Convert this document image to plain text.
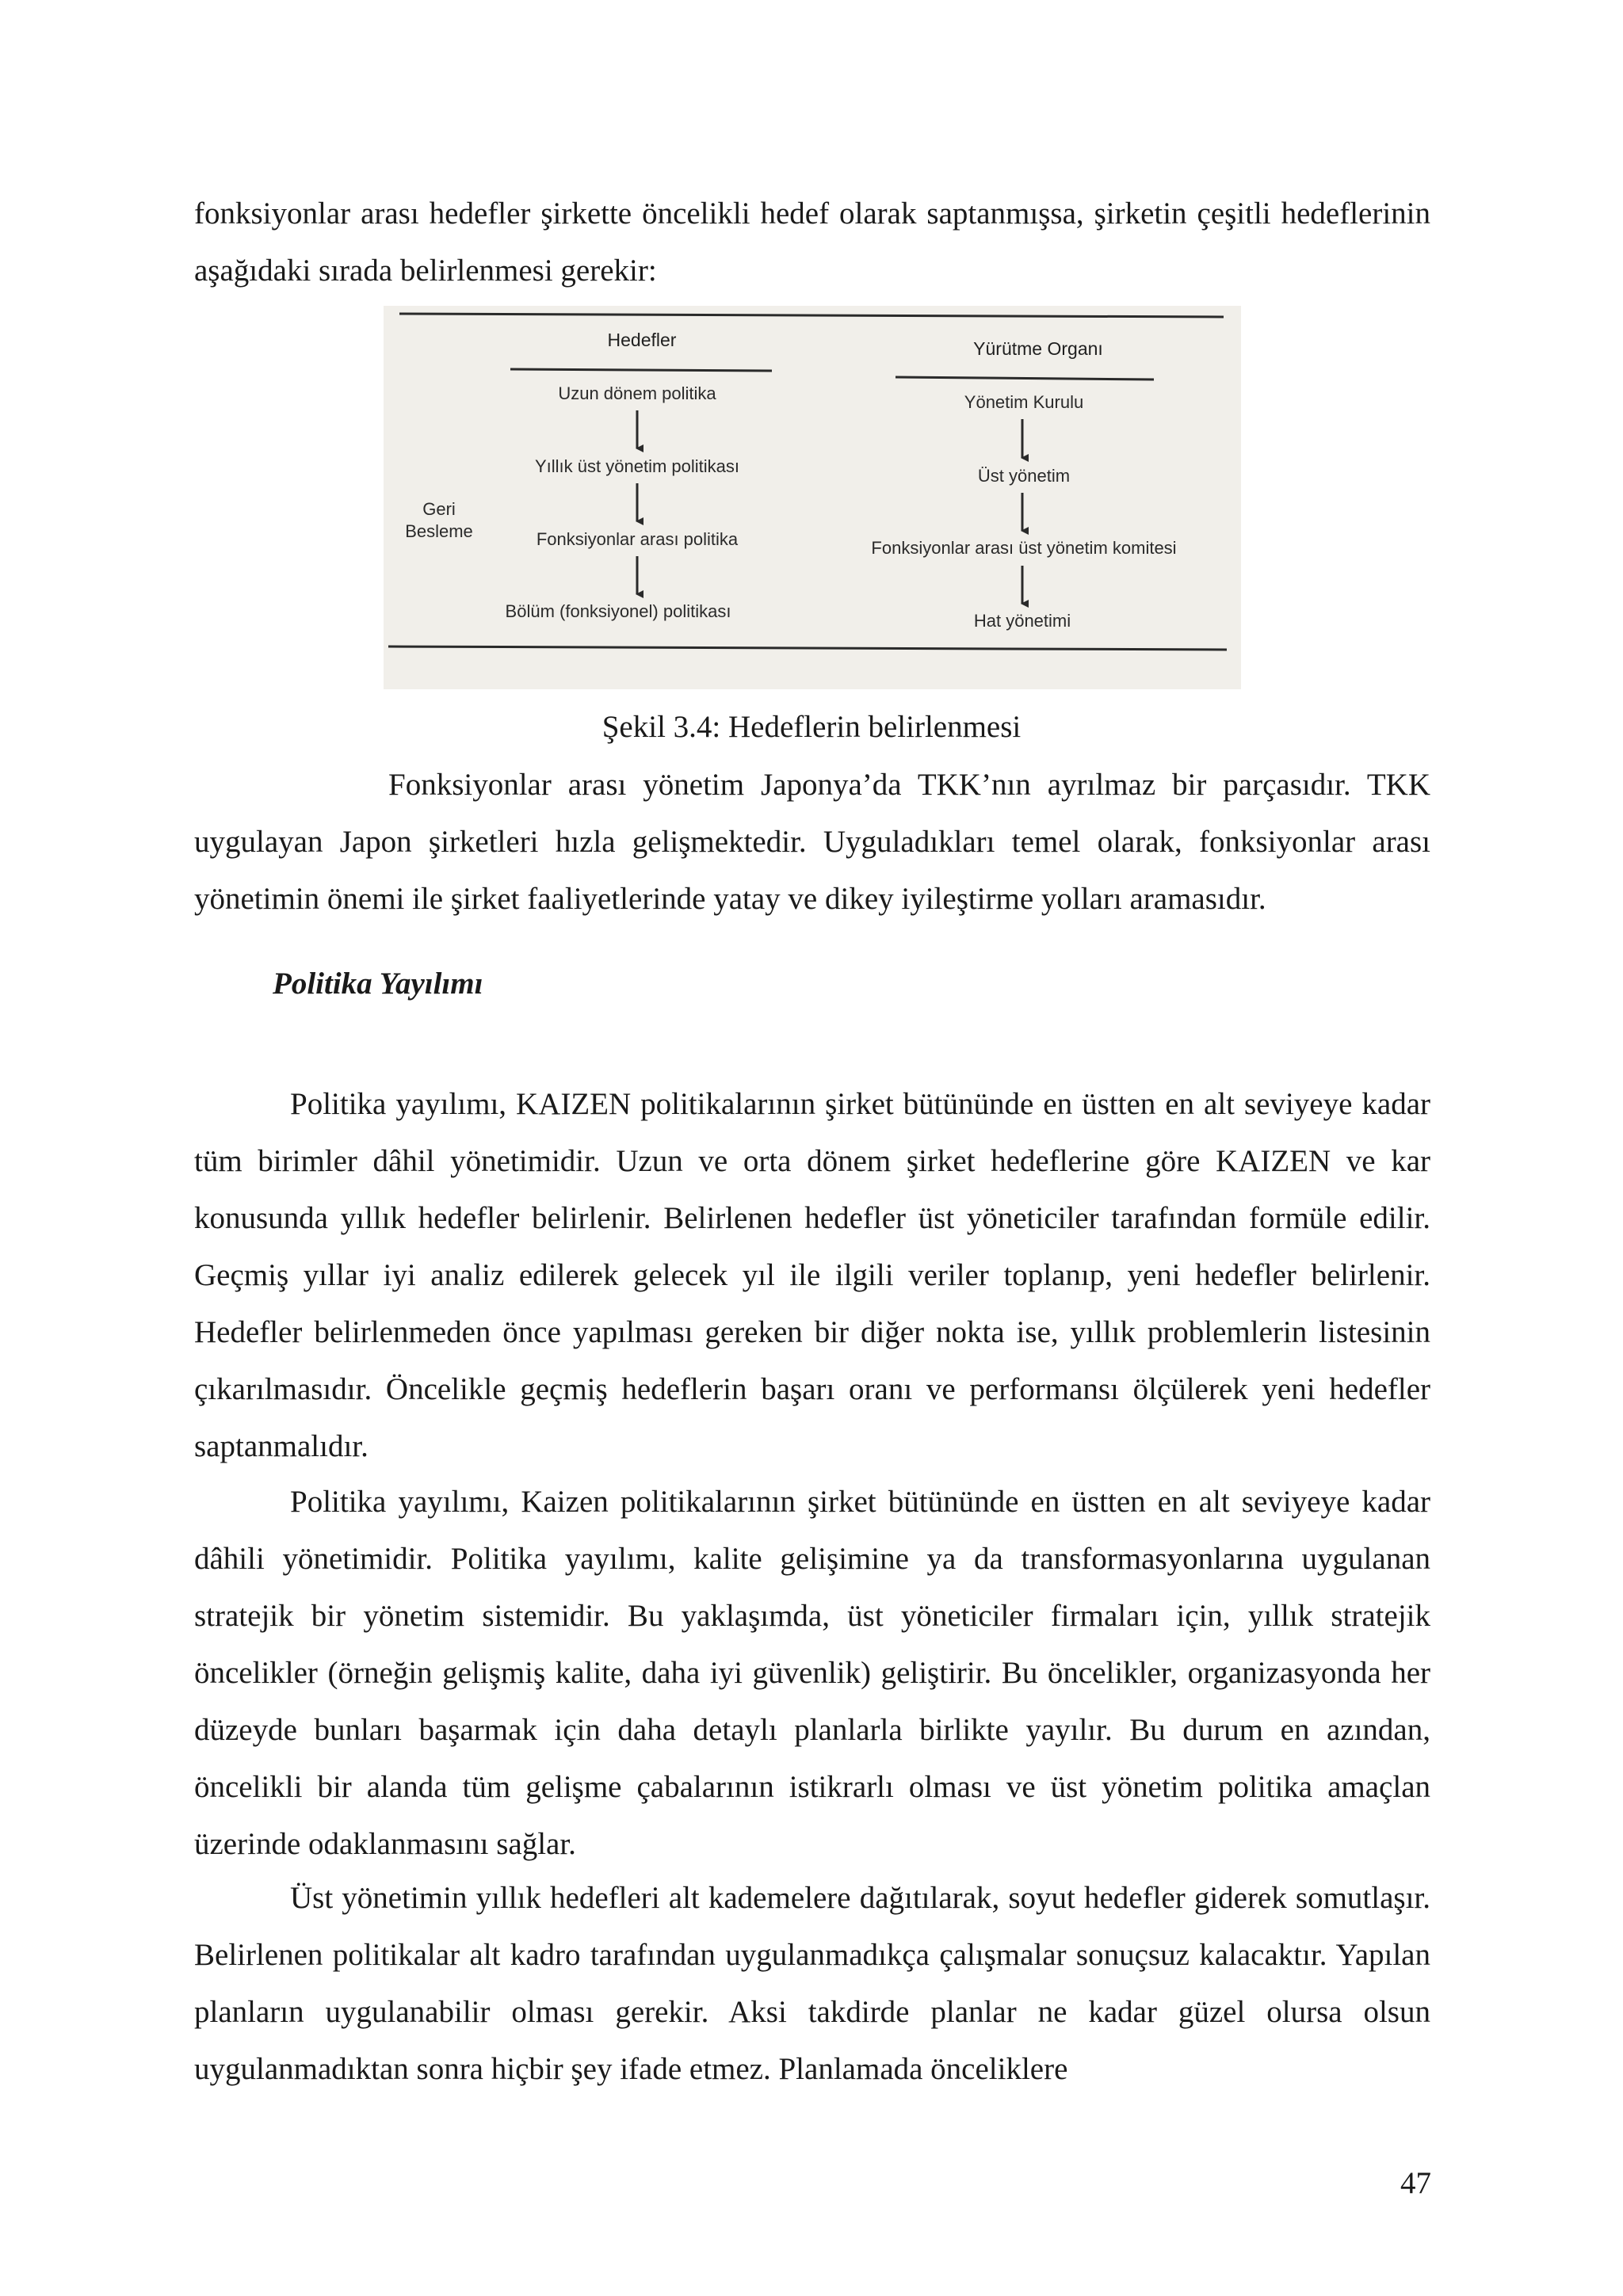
fonksiyonlar arası hedefler şirkette öncelikli hedef olarak saptanmışsa, şirketin çeşitli hedeflerinin aşağıdaki sırada belirlenmesi gerekir:

Hedefler	Yürütme Organı
Uzun dönem politika
Yıllık üst yönetim politikası
Fonksiyonlar arası politika
Bölüm (fonksiyonel) politikası
Yönetim Kurulu
Üst yönetim
Fonksiyonlar arası üst yönetim komitesi
Hat yönetimi
Geri
Besleme
Şekil 3.4: Hedeflerin belirlenmesi

Fonksiyonlar arası yönetim Japonya’da TKK’nın ayrılmaz bir parçasıdır. TKK uygulayan Japon şirketleri hızla gelişmektedir. Uyguladıkları temel olarak, fonksiyonlar arası yönetimin önemi ile şirket faaliyetlerinde yatay ve dikey iyileştirme yolları aramasıdır.

Politika Yayılımı

Politika yayılımı, KAIZEN politikalarının şirket bütününde en üstten en alt seviyeye kadar tüm birimler dâhil yönetimidir. Uzun ve orta dönem şirket hedeflerine göre KAIZEN ve kar konusunda yıllık hedefler belirlenir. Belirlenen hedefler üst yöneticiler tarafından formüle edilir. Geçmiş yıllar iyi analiz edilerek gelecek yıl ile ilgili veriler toplanıp, yeni hedefler belirlenir. Hedefler belirlenmeden önce yapılması gereken bir diğer nokta ise, yıllık problemlerin listesinin çıkarılmasıdır. Öncelikle geçmiş hedeflerin başarı oranı ve performansı ölçülerek yeni hedefler saptanmalıdır.

Politika yayılımı, Kaizen politikalarının şirket bütününde en üstten en alt seviyeye kadar dâhili yönetimidir. Politika yayılımı, kalite gelişimine ya da transformasyonlarına uygulanan stratejik bir yönetim sistemidir. Bu yaklaşımda, üst yöneticiler firmaları için, yıllık stratejik öncelikler (örneğin gelişmiş kalite, daha iyi güvenlik) geliştirir. Bu öncelikler, organizasyonda her düzeyde bunları başarmak için daha detaylı planlarla birlikte yayılır. Bu durum en azından, öncelikli bir alanda tüm gelişme çabalarının istikrarlı olması ve üst yönetim politika amaçlan üzerinde odaklanmasını sağlar.

Üst yönetimin yıllık hedefleri alt kademelere dağıtılarak, soyut hedefler giderek somutlaşır. Belirlenen politikalar alt kadro tarafından uygulanmadıkça çalışmalar sonuçsuz kalacaktır. Yapılan planların uygulanabilir olması gerekir. Aksi takdirde planlar ne kadar güzel olursa olsun uygulanmadıktan sonra hiçbir şey ifade etmez. Planlamada önceliklere

47
